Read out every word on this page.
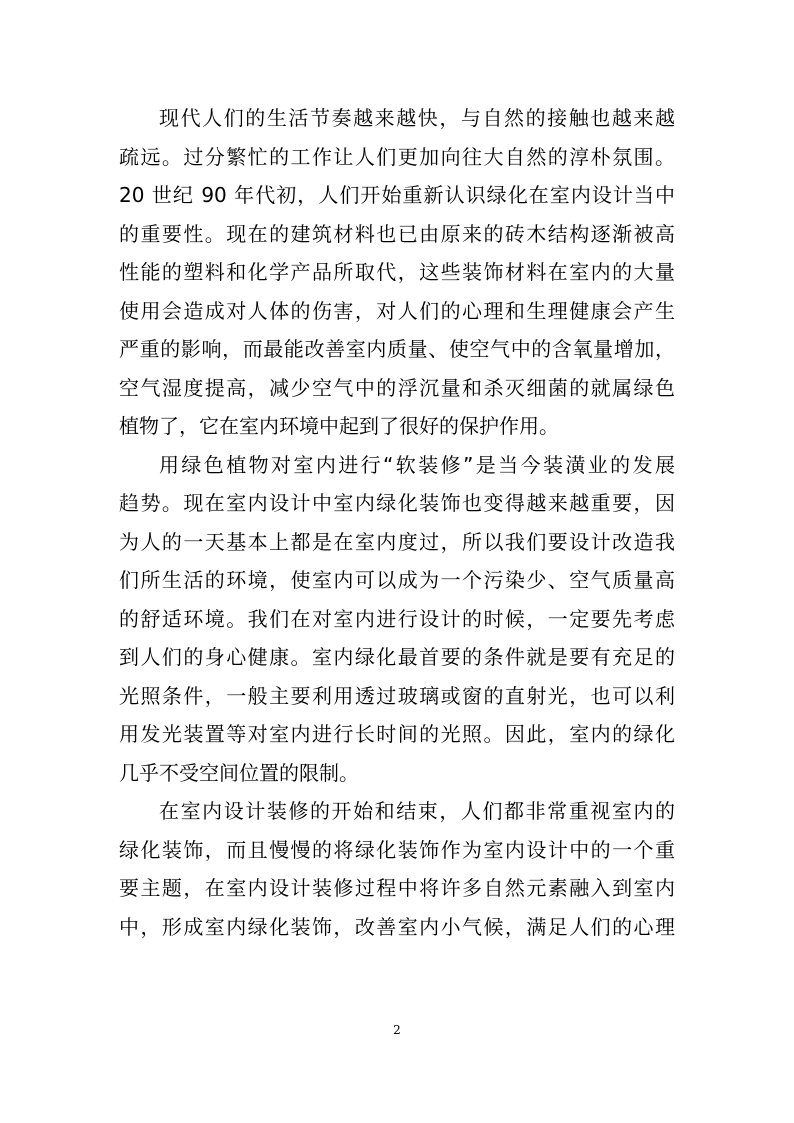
现代人们的生活节奏越来越快，与自然的接触也越来越
疏远。过分繁忙的工作让人们更加向往大自然的淳朴氛围。
20 世纪 90 年代初，人们开始重新认识绿化在室内设计当中
的重要性。现在的建筑材料也已由原来的砖木结构逐渐被高
性能的塑料和化学产品所取代，这些装饰材料在室内的大量
使用会造成对人体的伤害，对人们的心理和生理健康会产生
严重的影响，而最能改善室内质量、使空气中的含氧量增加，
空气湿度提高，减少空气中的浮沉量和杀灭细菌的就属绿色
植物了，它在室内环境中起到了很好的保护作用。
用绿色植物对室内进行“软装修”是当今装潢业的发展
趋势。现在室内设计中室内绿化装饰也变得越来越重要，因
为人的一天基本上都是在室内度过，所以我们要设计改造我
们所生活的环境，使室内可以成为一个污染少、空气质量高
的舒适环境。我们在对室内进行设计的时候，一定要先考虑
到人们的身心健康。室内绿化最首要的条件就是要有充足的
光照条件，一般主要利用透过玻璃或窗的直射光，也可以利
用发光装置等对室内进行长时间的光照。因此，室内的绿化
几乎不受空间位置的限制。
在室内设计装修的开始和结束，人们都非常重视室内的
绿化装饰，而且慢慢的将绿化装饰作为室内设计中的一个重
要主题，在室内设计装修过程中将许多自然元素融入到室内
中，形成室内绿化装饰，改善室内小气候，满足人们的心理
2
